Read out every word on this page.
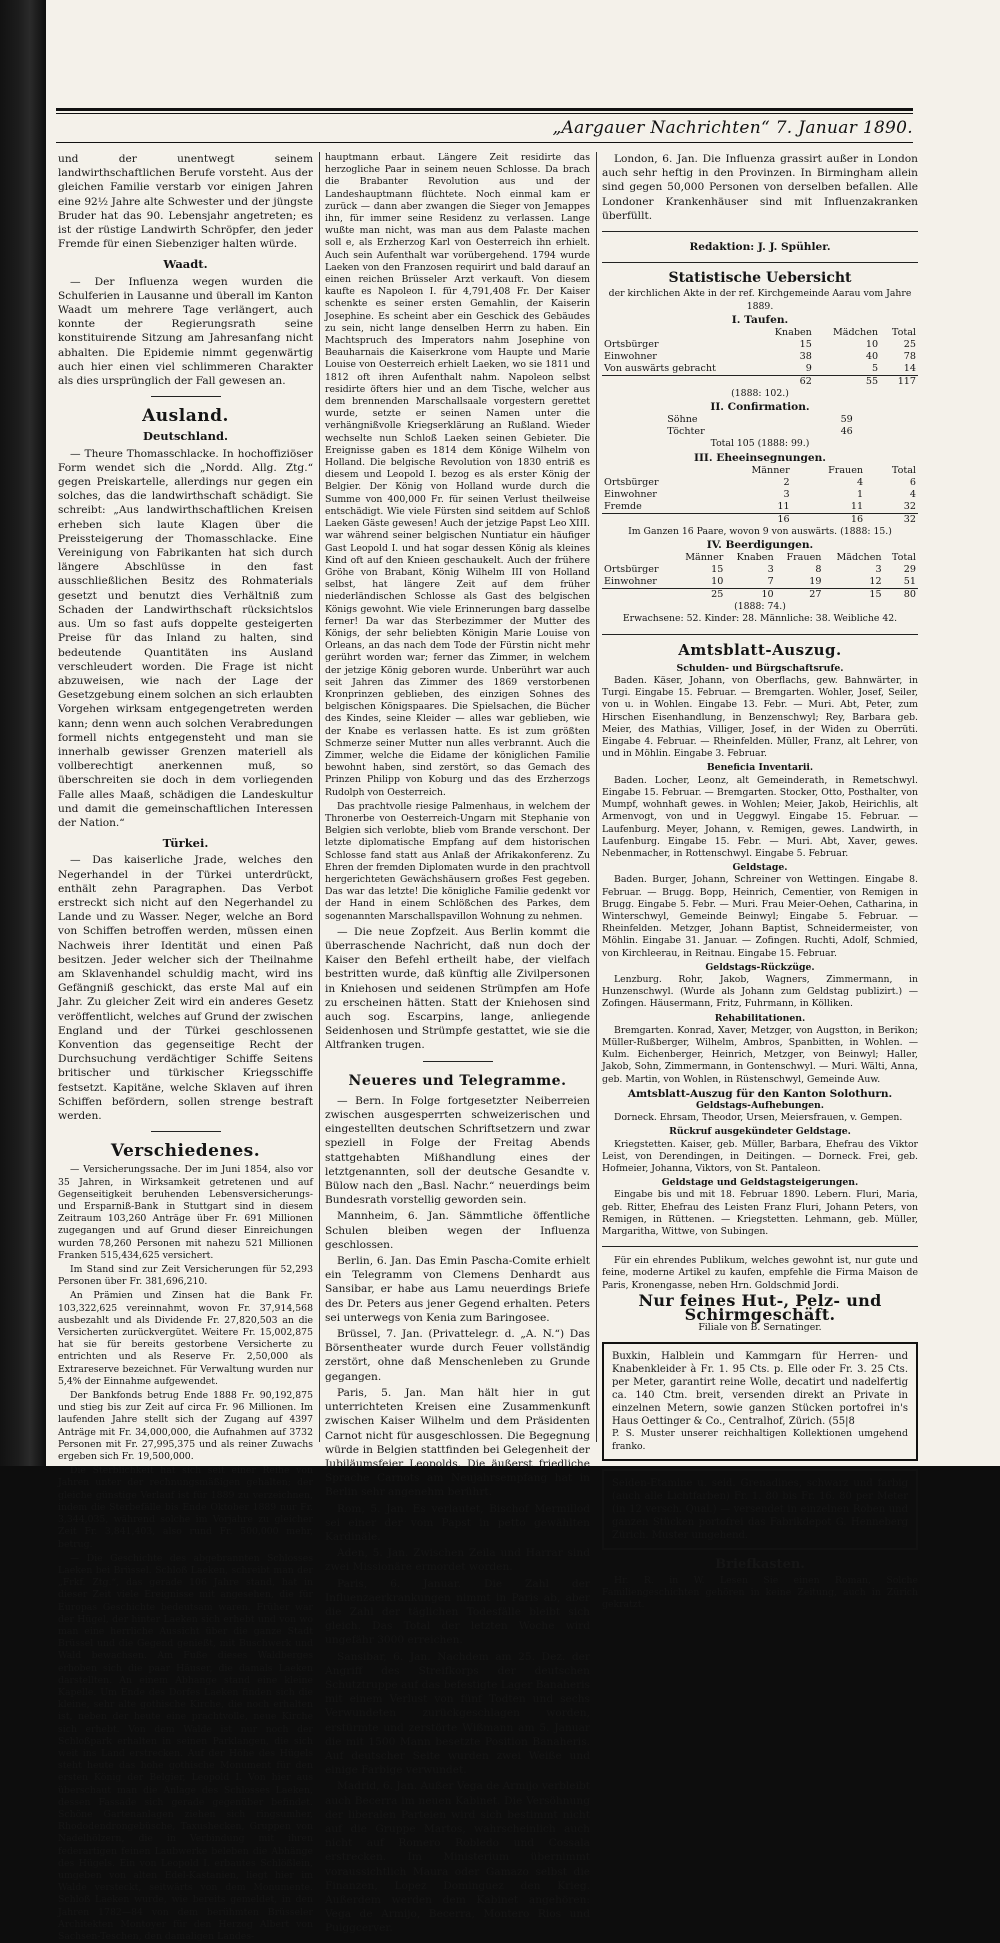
„Aargauer Nachrichten“ 7. Januar 1890.

und der unentwegt seinem landwirthschaftlichen Berufe vorsteht. Aus der gleichen Familie verstarb vor einigen Jahren eine 92½ Jahre alte Schwester und der jüngste Bruder hat das 90. Lebensjahr angetreten; es ist der rüstige Landwirth Schröpfer, den jeder Fremde für einen Siebenziger halten würde.

Waadt.

— Der Influenza wegen wurden die Schulferien in Lausanne und überall im Kanton Waadt um mehrere Tage verlängert, auch konnte der Regierungsrath seine konstituirende Sitzung am Jahresanfang nicht abhalten. Die Epidemie nimmt gegenwärtig auch hier einen viel schlimmeren Charakter als dies ursprünglich der Fall gewesen an.

Ausland.
Deutschland.

— Theure Thomasschlacke. In hochoffiziöser Form wendet sich die „Nordd. Allg. Ztg.“ gegen Preiskartelle, allerdings nur gegen ein solches, das die landwirthschaft schädigt. Sie schreibt: „Aus landwirthschaftlichen Kreisen erheben sich laute Klagen über die Preissteigerung der Thomasschlacke. Eine Vereinigung von Fabrikanten hat sich durch längere Abschlüsse in den fast ausschließlichen Besitz des Rohmaterials gesetzt und benutzt dies Verhältniß zum Schaden der Landwirthschaft rücksichtslos aus. Um so fast aufs doppelte gesteigerten Preise für das Inland zu halten, sind bedeutende Quantitäten ins Ausland verschleudert worden. Die Frage ist nicht abzuweisen, wie nach der Lage der Gesetzgebung einem solchen an sich erlaubten Vorgehen wirksam entgegengetreten werden kann; denn wenn auch solchen Verabredungen formell nichts entgegensteht und man sie innerhalb gewisser Grenzen materiell als vollberechtigt anerkennen muß, so überschreiten sie doch in dem vorliegenden Falle alles Maaß, schädigen die Landeskultur und damit die gemeinschaftlichen Interessen der Nation.“

Türkei.

— Das kaiserliche Jrade, welches den Negerhandel in der Türkei unterdrückt, enthält zehn Paragraphen. Das Verbot erstreckt sich nicht auf den Negerhandel zu Lande und zu Wasser. Neger, welche an Bord von Schiffen betroffen werden, müssen einen Nachweis ihrer Identität und einen Paß besitzen. Jeder welcher sich der Theilnahme am Sklavenhandel schuldig macht, wird ins Gefängniß geschickt, das erste Mal auf ein Jahr. Zu gleicher Zeit wird ein anderes Gesetz veröffentlicht, welches auf Grund der zwischen England und der Türkei geschlossenen Konvention das gegenseitige Recht der Durchsuchung verdächtiger Schiffe Seitens britischer und türkischer Kriegsschiffe festsetzt. Kapitäne, welche Sklaven auf ihren Schiffen befördern, sollen strenge bestraft werden.

Verschiedenes.

— Versicherungssache. Der im Juni 1854, also vor 35 Jahren, in Wirksamkeit getretenen und auf Gegenseitigkeit beruhenden Lebensversicherungs- und Ersparniß-Bank in Stuttgart sind in diesem Zeitraum 103,260 Anträge über Fr. 691 Millionen zugegangen und auf Grund dieser Einreichungen wurden 78,260 Personen mit nahezu 521 Millionen Franken 515,434,625 versichert.

Im Stand sind zur Zeit Versicherungen für 52,293 Personen über Fr. 381,696,210.

An Prämien und Zinsen hat die Bank Fr. 103,322,625 vereinnahmt, wovon Fr. 37,914,568 ausbezahlt und als Dividende Fr. 27,820,503 an die Versicherten zurückvergütet. Weitere Fr. 15,002,875 hat sie für bereits gestorbene Versicherte zu entrichten und als Reserve Fr. 2,50,000 als Extrareserve bezeichnet. Für Verwaltung wurden nur 5,4% der Einnahme aufgewendet.

Der Bankfonds betrug Ende 1888 Fr. 90,192,875 und stieg bis zur Zeit auf circa Fr. 96 Millionen. Im laufenden Jahre stellt sich der Zugang auf 4397 Anträge mit Fr. 34,000,000, die Aufnahmen auf 3732 Personen mit Fr. 27,995,375 und als reiner Zuwachs ergeben sich Fr. 19,500,000.

Die Sterblichkeit hat sich seit einer Reihe von Jahren unter der rechnungsmäßigen gehalten; der gleiche günstige Verlauf ist für 1889 zu verzeichnen, indem die Sterbefälle bis Ende Oktober 1889 nur Fr. 3,344,035, während solche im Vorjahre zu gleicher Zeit Fr. 3,841,403, also rund Fr. 500,000 mehr, betrug.

— Die Geschichte des abgebrannten Schlosses Laeken bei Brüssel. Schloß Laeken, schreibt man der „Frkf. Ztg.“, das gerade 106 Jahre stand, hat in dieser Zeit viele Ereignisse mit angesehen, die für Europas Geschichte bedeutsam waren. Früher war der Hügel, der hinter Laeken sich erhebt und von wo man eine herrliche Aussicht über die ganze Stadt Brüssel und die Gegend genießt, mit Buschwerk und Wald bewachsen. Am Fuße dieses Waldberges erhoben sich die paar Häuser, die damals Laeken darstellten. An einem Abhange stand eine kleine Kapelle. Um Ende des Dorfes Laeken finden sich die kleine, sehr alte gothische Kirche, die noch erhalten ist, neben der heute eine prachtvolle, neue Kirche sich erhebt. Von dem Walde ist nur noch der Schloßpark erhalten in seinen Parklangen, die sich weit ins Land erstrecken. Auf der Höhe des Hügels steht heute das hohe gothische Monument für den ersten König der Belgier, Leopold I. Von hier aus überschaut man die Anlage des Schlosses Laeken, dessen Fassade sich gerade gegenüber befindet. Schöne Gartenanlagen ziehen sich ringsumher, Rhododendrongebüsche, Taxushecken, Gruppen von Nadelhölzern, die in Verbindung mit ihren federartigen feinen Laubwerke beleben die Abhänge des Hügels. Ein von Leopold I. erbautes Schlößlein, umgeben von alten Edel-Kastanien, liegt hier im Walde versteckt, seitwärts von dem Monumente. Schloß Laeken wurde, wie bereits gemeldet, in den Jahren 1782—84 von dem berühmten Brüsseler Architekten Montoyer für den Herzog Albert von Sachsen-Teschen, den damaligen Landes-

hauptmann erbaut. Längere Zeit residirte das herzogliche Paar in seinem neuen Schlosse. Da brach die Brabanter Revolution aus und der Landeshauptmann flüchtete. Noch einmal kam er zurück — dann aber zwangen die Sieger von Jemappes ihn, für immer seine Residenz zu verlassen. Lange wußte man nicht, was man aus dem Palaste machen soll e, als Erzherzog Karl von Oesterreich ihn erhielt. Auch sein Aufenthalt war vorübergehend. 1794 wurde Laeken von den Franzosen requirirt und bald darauf an einen reichen Brüsseler Arzt verkauft. Von diesem kaufte es Napoleon I. für 4,791,408 Fr. Der Kaiser schenkte es seiner ersten Gemahlin, der Kaiserin Josephine. Es scheint aber ein Geschick des Gebäudes zu sein, nicht lange denselben Herrn zu haben. Ein Machtspruch des Imperators nahm Josephine von Beauharnais die Kaiserkrone vom Haupte und Marie Louise von Oesterreich erhielt Laeken, wo sie 1811 und 1812 oft ihren Aufenthalt nahm. Napoleon selbst residirte öfters hier und an dem Tische, welcher aus dem brennenden Marschallsaale vorgestern gerettet wurde, setzte er seinen Namen unter die verhängnißvolle Kriegserklärung an Rußland. Wieder wechselte nun Schloß Laeken seinen Gebieter. Die Ereignisse gaben es 1814 dem Könige Wilhelm von Holland. Die belgische Revolution von 1830 entriß es diesem und Leopold I. bezog es als erster König der Belgier. Der König von Holland wurde durch die Summe von 400,000 Fr. für seinen Verlust theilweise entschädigt. Wie viele Fürsten sind seitdem auf Schloß Laeken Gäste gewesen! Auch der jetzige Papst Leo XIII. war während seiner belgischen Nuntiatur ein häufiger Gast Leopold I. und hat sogar dessen König als kleines Kind oft auf den Knieen geschaukelt. Auch der frühere Gröhe von Brabant, König Wilhelm III von Holland selbst, hat längere Zeit auf dem früher niederländischen Schlosse als Gast des belgischen Königs gewohnt. Wie viele Erinnerungen barg dasselbe ferner! Da war das Sterbezimmer der Mutter des Königs, der sehr beliebten Königin Marie Louise von Orleans, an das nach dem Tode der Fürstin nicht mehr gerührt worden war; ferner das Zimmer, in welchem der jetzige König geboren wurde. Unberührt war auch seit Jahren das Zimmer des 1869 verstorbenen Kronprinzen geblieben, des einzigen Sohnes des belgischen Königspaares. Die Spielsachen, die Bücher des Kindes, seine Kleider — alles war geblieben, wie der Knabe es verlassen hatte. Es ist zum größten Schmerze seiner Mutter nun alles verbrannt. Auch die Zimmer, welche die Eidame der königlichen Familie bewohnt haben, sind zerstört, so das Gemach des Prinzen Philipp von Koburg und das des Erzherzogs Rudolph von Oesterreich.

Das prachtvolle riesige Palmenhaus, in welchem der Thronerbe von Oesterreich-Ungarn mit Stephanie von Belgien sich verlobte, blieb vom Brande verschont. Der letzte diplomatische Empfang auf dem historischen Schlosse fand statt aus Anlaß der Afrikakonferenz. Zu Ehren der fremden Diplomaten wurde in den prachtvoll hergerichteten Gewächshäusern großes Fest gegeben. Das war das letzte! Die königliche Familie gedenkt vor der Hand in einem Schlößchen des Parkes, dem sogenannten Marschallspavillon Wohnung zu nehmen.

— Die neue Zopfzeit. Aus Berlin kommt die überraschende Nachricht, daß nun doch der Kaiser den Befehl ertheilt habe, der vielfach bestritten wurde, daß künftig alle Zivilpersonen in Kniehosen und seidenen Strümpfen am Hofe zu erscheinen hätten. Statt der Kniehosen sind auch sog. Escarpins, lange, anliegende Seidenhosen und Strümpfe gestattet, wie sie die Altfranken trugen.

Neueres und Telegramme.

— Bern. In Folge fortgesetzter Neiberreien zwischen ausgesperrten schweizerischen und eingestellten deutschen Schriftsetzern und zwar speziell in Folge der Freitag Abends stattgehabten Mißhandlung eines der letztgenannten, soll der deutsche Gesandte v. Bülow nach den „Basl. Nachr.“ neuerdings beim Bundesrath vorstellig geworden sein.

Mannheim, 6. Jan. Sämmtliche öffentliche Schulen bleiben wegen der Influenza geschlossen.

Berlin, 6. Jan. Das Emin Pascha-Comite erhielt ein Telegramm von Clemens Denhardt aus Sansibar, er habe aus Lamu neuerdings Briefe des Dr. Peters aus jener Gegend erhalten. Peters sei unterwegs von Kenia zum Baringosee.

Brüssel, 7. Jan. (Privattelegr. d. „A. N.“) Das Börsentheater wurde durch Feuer vollständig zerstört, ohne daß Menschenleben zu Grunde gegangen.

Paris, 5. Jan. Man hält hier in gut unterrichteten Kreisen eine Zusammenkunft zwischen Kaiser Wilhelm und dem Präsidenten Carnot nicht für ausgeschlossen. Die Begegnung würde in Belgien stattfinden bei Gelegenheit der Jubiläumsfeier Leopolds. Die äußerst friedliche Sprache Carnots am Neujahrsempfang hat in Berlin sehr angenehm berührt.

Rom, 5. Jan. Es verlautet, Bischof Mermillod sei einer der vom Papst in petto gewählten Kardinäle.

Aden, 5. Jan. Zwischen Zeila und Harrar sind zwei Missionäre ermordet worden.

Paris, 6. Januar. Die Zahl der Influenzaerkrankungen nimmt in Paris ab, aber die Zahl der täglichen Todesfälle bleibt sich gleich. Das Total der letzten Woche wird ungefähr 3000 erreichen.

Sansibar, 6. Jan. Nachdem am 25. Dez. der Angriff des Streifkorps der deutschen Schutztruppe auf das befestigte Lager Banaheris mit einem Verlust von fünf Todten und sechs Verwundeten zurückgeschlagen worden, erstürmte und zerstörte Wißmann am 5. Januar die mit 1500 Mann besetzte Position Banaheris. Auf deutscher Seite wurden zwei Weiße und einige Farbige verwundet.

Madrid, 6. Jan. Außer Vega de Armijo verbleibt auch Becerra im neuen Kabinet. Die Versöhnung der liberalen Parteien wird sich bestimmt nicht auf die Gruppe Martos, wahrscheinlich auch nicht auf Romero Robledo und Cossala erstrecken. Im Ministerium übernimmt voraussichtlich Maura oder Gamazo selbst die Finanzen, Lopez Dominguez den Krieg. Außerdem werden dem Kabinet angehören: Vega de Armijo, Becerra, Montero Rios und Puiggcerver.

London, 6. Jan. Die Influenza grassirt außer in London auch sehr heftig in den Provinzen. In Birmingham allein sind gegen 50,000 Personen von derselben befallen. Alle Londoner Krankenhäuser sind mit Influenzakranken überfüllt.

Redaktion: J. J. Spühler.
Statistische Uebersicht
der kirchlichen Akte in der ref. Kirchgemeinde Aarau vom Jahre 1889.
I. Taufen.
	Knaben	Mädchen	Total
Ortsbürger	15	10	25
Einwohner	38	40	78
Von auswärts gebracht	9	5	14
	62	55	117
(1888: 102.)
II. Confirmation.
Söhne	59
Töchter	46
Total 105 (1888: 99.)
III. Eheeinsegnungen.
	Männer	Frauen	Total
Ortsbürger	2	4	6
Einwohner	3	1	4
Fremde	11	11	32
	16	16	32
Im Ganzen 16 Paare, wovon 9 von auswärts. (1888: 15.)
IV. Beerdigungen.
	Männer	Knaben	Frauen	Mädchen	Total
Ortsbürger	15	3	8	3	29
Einwohner	10	7	19	12	51
	25	10	27	15	80
(1888: 74.)
Erwachsene: 52. Kinder: 28. Männliche: 38. Weibliche 42.
Amtsblatt-Auszug.
Schulden- und Bürgschaftsrufe.

Baden. Käser, Johann, von Oberflachs, gew. Bahnwärter, in Turgi. Eingabe 15. Februar. — Bremgarten. Wohler, Josef, Seiler, von u. in Wohlen. Eingabe 13. Febr. — Muri. Abt, Peter, zum Hirschen Eisenhandlung, in Benzenschwyl; Rey, Barbara geb. Meier, des Mathias, Villiger, Josef, in der Widen zu Oberrüti. Eingabe 4. Februar. — Rheinfelden. Müller, Franz, alt Lehrer, von und in Möhlin. Eingabe 3. Februar.

Beneficia Inventarii.

Baden. Locher, Leonz, alt Gemeinderath, in Remetschwyl. Eingabe 15. Februar. — Bremgarten. Stocker, Otto, Posthalter, von Mumpf, wohnhaft gewes. in Wohlen; Meier, Jakob, Heirichlis, alt Armenvogt, von und in Ueggwyl. Eingabe 15. Februar. — Laufenburg. Meyer, Johann, v. Remigen, gewes. Landwirth, in Laufenburg. Eingabe 15. Febr. — Muri. Abt, Xaver, gewes. Nebenmacher, in Rottenschwyl. Eingabe 5. Februar.

Geldstage.

Baden. Burger, Johann, Schreiner von Wettingen. Eingabe 8. Februar. — Brugg. Bopp, Heinrich, Cementier, von Remigen in Brugg. Eingabe 5. Febr. — Muri. Frau Meier-Oehen, Catharina, in Winterschwyl, Gemeinde Beinwyl; Eingabe 5. Februar. — Rheinfelden. Metzger, Johann Baptist, Schneidermeister, von Möhlin. Eingabe 31. Januar. — Zofingen. Ruchti, Adolf, Schmied, von Kirchleerau, in Reitnau. Eingabe 15. Februar.

Geldstags-Rückzüge.

Lenzburg. Rohr, Jakob, Wagners, Zimmermann, in Hunzenschwyl. (Wurde als Johann zum Geldstag publizirt.) — Zofingen. Häusermann, Fritz, Fuhrmann, in Kölliken.

Rehabilitationen.

Bremgarten. Konrad, Xaver, Metzger, von Augstton, in Berikon; Müller-Rußberger, Wilhelm, Ambros, Spanbitten, in Wohlen. — Kulm. Eichenberger, Heinrich, Metzger, von Beinwyl; Haller, Jakob, Sohn, Zimmermann, in Gontenschwyl. — Muri. Wälti, Anna, geb. Martin, von Wohlen, in Rüstenschwyl, Gemeinde Auw.

Amtsblatt-Auszug für den Kanton Solothurn.
Geldstags-Aufhebungen.

Dorneck. Ehrsam, Theodor, Ursen, Meiersfrauen, v. Gempen.

Rückruf ausgekündeter Geldstage.

Kriegstetten. Kaiser, geb. Müller, Barbara, Ehefrau des Viktor Leist, von Derendingen, in Deitingen. — Dorneck. Frei, geb. Hofmeier, Johanna, Viktors, von St. Pantaleon.

Geldstage und Geldstagsteigerungen.

Eingabe bis und mit 18. Februar 1890. Lebern. Fluri, Maria, geb. Ritter, Ehefrau des Leisten Franz Fluri, Johann Peters, von Remigen, in Rüttenen. — Kriegstetten. Lehmann, geb. Müller, Margaritha, Wittwe, von Subingen.

Für ein ehrendes Publikum, welches gewohnt ist, nur gute und feine, moderne Artikel zu kaufen, empfehle die Firma Maison de Paris, Kronengasse, neben Hrn. Goldschmid Jordi.

Nur feines Hut-, Pelz- und Schirmgeschäft.
Filiale von B. Sernatinger.
Buxkin, Halblein und Kammgarn für Herren- und Knabenkleider à Fr. 1. 95 Cts. p. Elle oder Fr. 3. 25 Cts. per Meter, garantirt reine Wolle, decatirt und nadelfertig ca. 140 Ctm. breit, versenden direkt an Private in einzelnen Metern, sowie ganzen Stücken portofrei in's Haus Oettinger & Co., Centralhof, Zürich. (55|8
P. S. Muster unserer reichhaltigen Kollektionen umgehend franko.
Seiden-Etamine u. seid. Grenadines, schwarz und farbig (auch alle Lichtfarben) Fr. 1. 80 bis Fr. 16. 80 per Meter (in 12 versch. Qual.) — versendet in einzelnen Roben und ganzen Stücken portofrei das Fabrikdepot G. Henneberg Zürich. Muster umgehend.
Briefkasten.

Hr. R. in W. Lesen Sie einen Roman, Solche Familiengeschichten gehören in keine Zeitung, auch in Zürich gekratzt.
